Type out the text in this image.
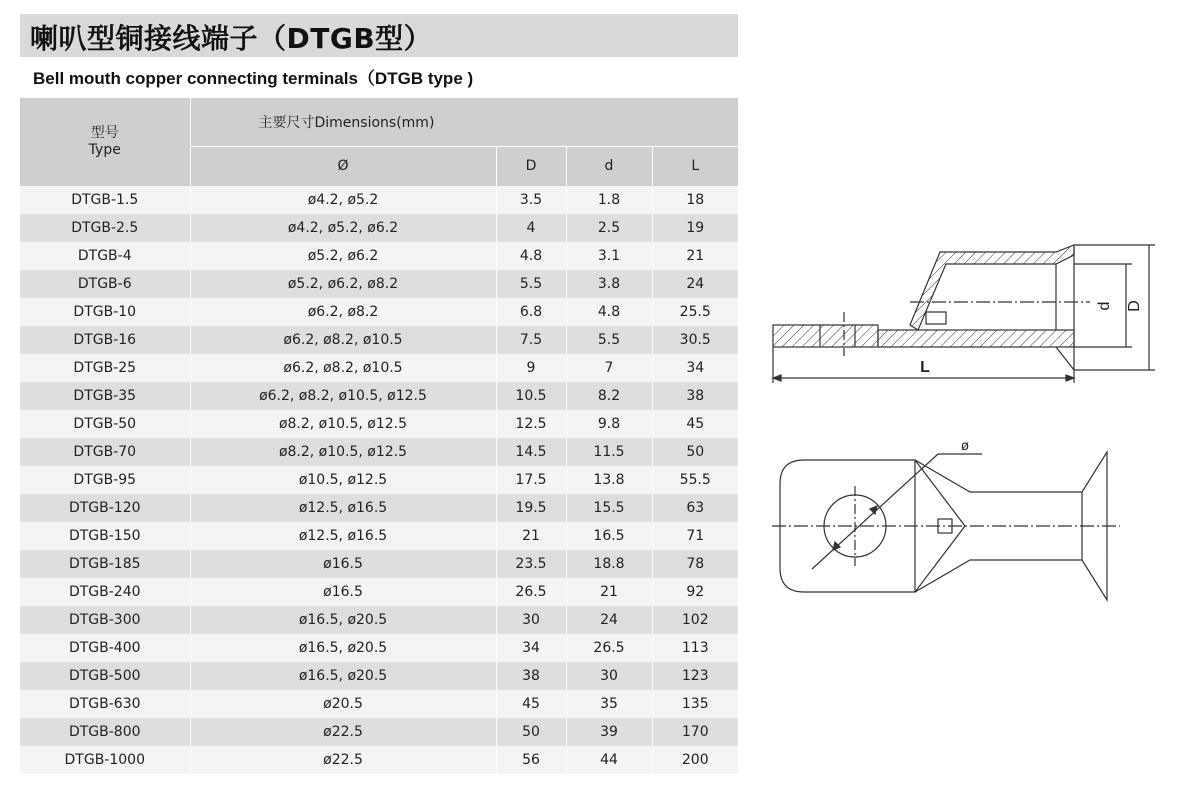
喇叭型铜接线端子（DTGB型）
Bell mouth copper connecting terminals（DTGB type )
型号
Type	主要尺寸Dimensions(mm)			
	Ø	D	d	L
DTGB-1.5	ø4.2, ø5.2	3.5	1.8	18
DTGB-2.5	ø4.2, ø5.2, ø6.2	4	2.5	19
DTGB-4	ø5.2, ø6.2	4.8	3.1	21
DTGB-6	ø5.2, ø6.2, ø8.2	5.5	3.8	24
DTGB-10	ø6.2, ø8.2	6.8	4.8	25.5
DTGB-16	ø6.2, ø8.2, ø10.5	7.5	5.5	30.5
DTGB-25	ø6.2, ø8.2, ø10.5	9	7	34
DTGB-35	ø6.2, ø8.2, ø10.5, ø12.5	10.5	8.2	38
DTGB-50	ø8.2, ø10.5, ø12.5	12.5	9.8	45
DTGB-70	ø8.2, ø10.5, ø12.5	14.5	11.5	50
DTGB-95	ø10.5, ø12.5	17.5	13.8	55.5
DTGB-120	ø12.5, ø16.5	19.5	15.5	63
DTGB-150	ø12.5, ø16.5	21	16.5	71
DTGB-185	ø16.5	23.5	18.8	78
DTGB-240	ø16.5	26.5	21	92
DTGB-300	ø16.5, ø20.5	30	24	102
DTGB-400	ø16.5, ø20.5	34	26.5	113
DTGB-500	ø16.5, ø20.5	38	30	123
DTGB-630	ø20.5	45	35	135
DTGB-800	ø22.5	50	39	170
DTGB-1000	ø22.5	56	44	200
d D
L
ø
